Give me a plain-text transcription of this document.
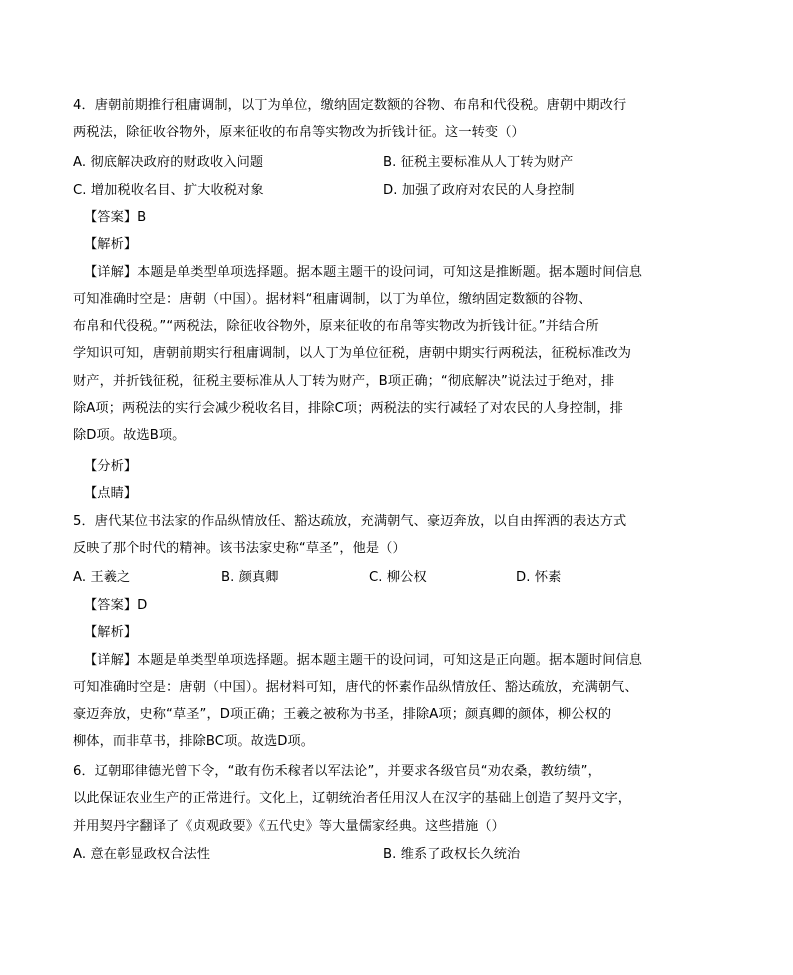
4．唐朝前期推行租庸调制，以丁为单位，缴纳固定数额的谷物、布帛和代役税。唐朝中期改行
两税法，除征收谷物外，原来征收的布帛等实物改为折钱计征。这一转变（）
A. 彻底解决政府的财政收入问题	B. 征税主要标准从人丁转为财产
C. 增加税收名目、扩大收税对象	D. 加强了政府对农民的人身控制
【答案】B
【解析】
【详解】本题是单类型单项选择题。据本题主题干的设问词，可知这是推断题。据本题时间信息
可知准确时空是：唐朝（中国）。据材料“租庸调制，以丁为单位，缴纳固定数额的谷物、
布帛和代役税。”“两税法，除征收谷物外，原来征收的布帛等实物改为折钱计征。”并结合所
学知识可知，唐朝前期实行租庸调制，以人丁为单位征税，唐朝中期实行两税法，征税标准改为
财产，并折钱征税，征税主要标准从人丁转为财产，B项正确；“彻底解决”说法过于绝对，排
除A项；两税法的实行会减少税收名目，排除C项；两税法的实行减轻了对农民的人身控制，排
除D项。故选B项。
【分析】
【点睛】
5．唐代某位书法家的作品纵情放任、豁达疏放，充满朝气、豪迈奔放，以自由挥洒的表达方式
反映了那个时代的精神。该书法家史称“草圣”，他是（）
A. 王羲之	B. 颜真卿	C. 柳公权	D. 怀素
【答案】D
【解析】
【详解】本题是单类型单项选择题。据本题主题干的设问词，可知这是正向题。据本题时间信息
可知准确时空是：唐朝（中国）。据材料可知，唐代的怀素作品纵情放任、豁达疏放，充满朝气、
豪迈奔放，史称“草圣”，D项正确；王羲之被称为书圣，排除A项；颜真卿的颜体，柳公权的
柳体，而非草书，排除BC项。故选D项。
6．辽朝耶律德光曾下令，“敢有伤禾稼者以军法论”，并要求各级官员“劝农桑，教纺绩”，
以此保证农业生产的正常进行。文化上，辽朝统治者任用汉人在汉字的基础上创造了契丹文字，
并用契丹字翻译了《贞观政要》《五代史》等大量儒家经典。这些措施（）
A. 意在彰显政权合法性	B. 维系了政权长久统治
